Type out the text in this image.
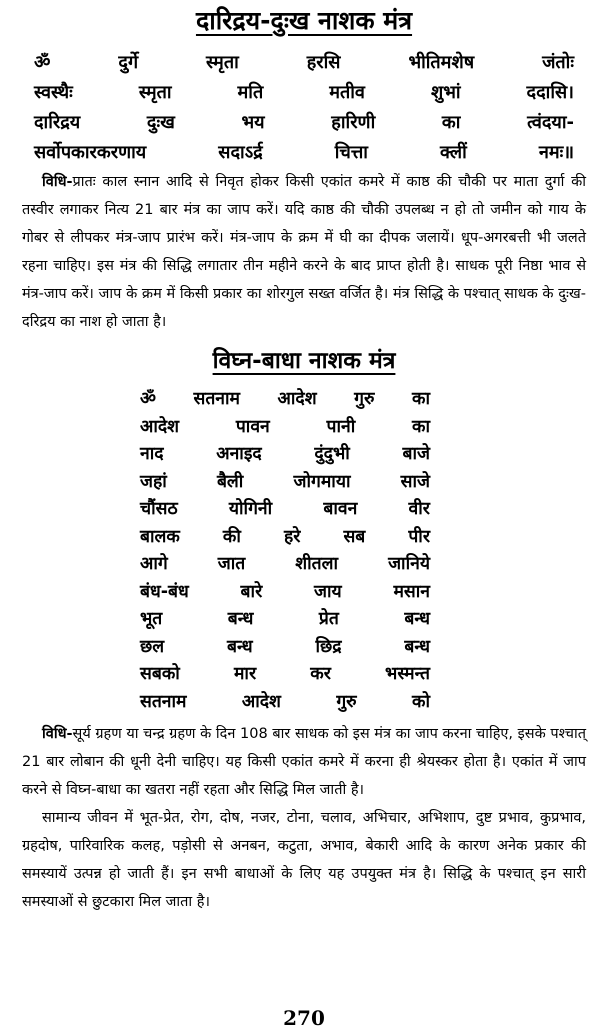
दारिद्रय-दुःख नाशक मंत्र
ॐ दुर्गे स्मृता हरसि भीतिमशेष जंतोः
स्वस्थैः स्मृता मति मतीव शुभां ददासि।
दारिद्रय दुःख भय हारिणी का त्वंदया-
सर्वोपकारकरणाय सदाऽर्द्र चित्ता क्लीं नमः॥

विधि-प्रातः काल स्नान आदि से निवृत होकर किसी एकांत कमरे में काष्ठ की चौकी पर माता दुर्गा की तस्वीर लगाकर नित्य 21 बार मंत्र का जाप करें। यदि काष्ठ की चौकी उपलब्ध न हो तो जमीन को गाय के गोबर से लीपकर मंत्र-जाप प्रारंभ करें। मंत्र-जाप के क्रम में घी का दीपक जलायें। धूप-अगरबत्ती भी जलते रहना चाहिए। इस मंत्र की सिद्धि लगातार तीन महीने करने के बाद प्राप्त होती है। साधक पूरी निष्ठा भाव से मंत्र-जाप करें। जाप के क्रम में किसी प्रकार का शोरगुल सख्त वर्जित है। मंत्र सिद्धि के पश्चात् साधक के दुःख-दरिद्रय का नाश हो जाता है।

विघ्न-बाधा नाशक मंत्र
ॐ सतनाम आदेश गुरु का
आदेश	पावन	पानी	का
नाद	अनाइद	दुंदुभी	बाजे
जहां	बैली	जोगमाया	साजे
चौंसठ	योगिनी	बावन	वीर
बालक की हरे सब पीर
आगे	जात	शीतला	जानिये
बंध-बंध	बारे	जाय	मसान
भूत	बन्ध	प्रेत	बन्ध
छल	बन्ध	छिद्र	बन्ध
सबको	मार	कर	भस्मन्त
सतनाम	आदेश	गुरु	को

विधि-सूर्य ग्रहण या चन्द्र ग्रहण के दिन 108 बार साधक को इस मंत्र का जाप करना चाहिए, इसके पश्चात् 21 बार लोबान की धूनी देनी चाहिए। यह किसी एकांत कमरे में करना ही श्रेयस्कर होता है। एकांत में जाप करने से विघ्न-बाधा का खतरा नहीं रहता और सिद्धि मिल जाती है।

सामान्य जीवन में भूत-प्रेत, रोग, दोष, नजर, टोना, चलाव, अभिचार, अभिशाप, दुष्ट प्रभाव, कुप्रभाव, ग्रहदोष, पारिवारिक कलह, पड़ोसी से अनबन, कटुता, अभाव, बेकारी आदि के कारण अनेक प्रकार की समस्यायें उत्पन्न हो जाती हैं। इन सभी बाधाओं के लिए यह उपयुक्त मंत्र है। सिद्धि के पश्चात् इन सारी समस्याओं से छुटकारा मिल जाता है।

270
